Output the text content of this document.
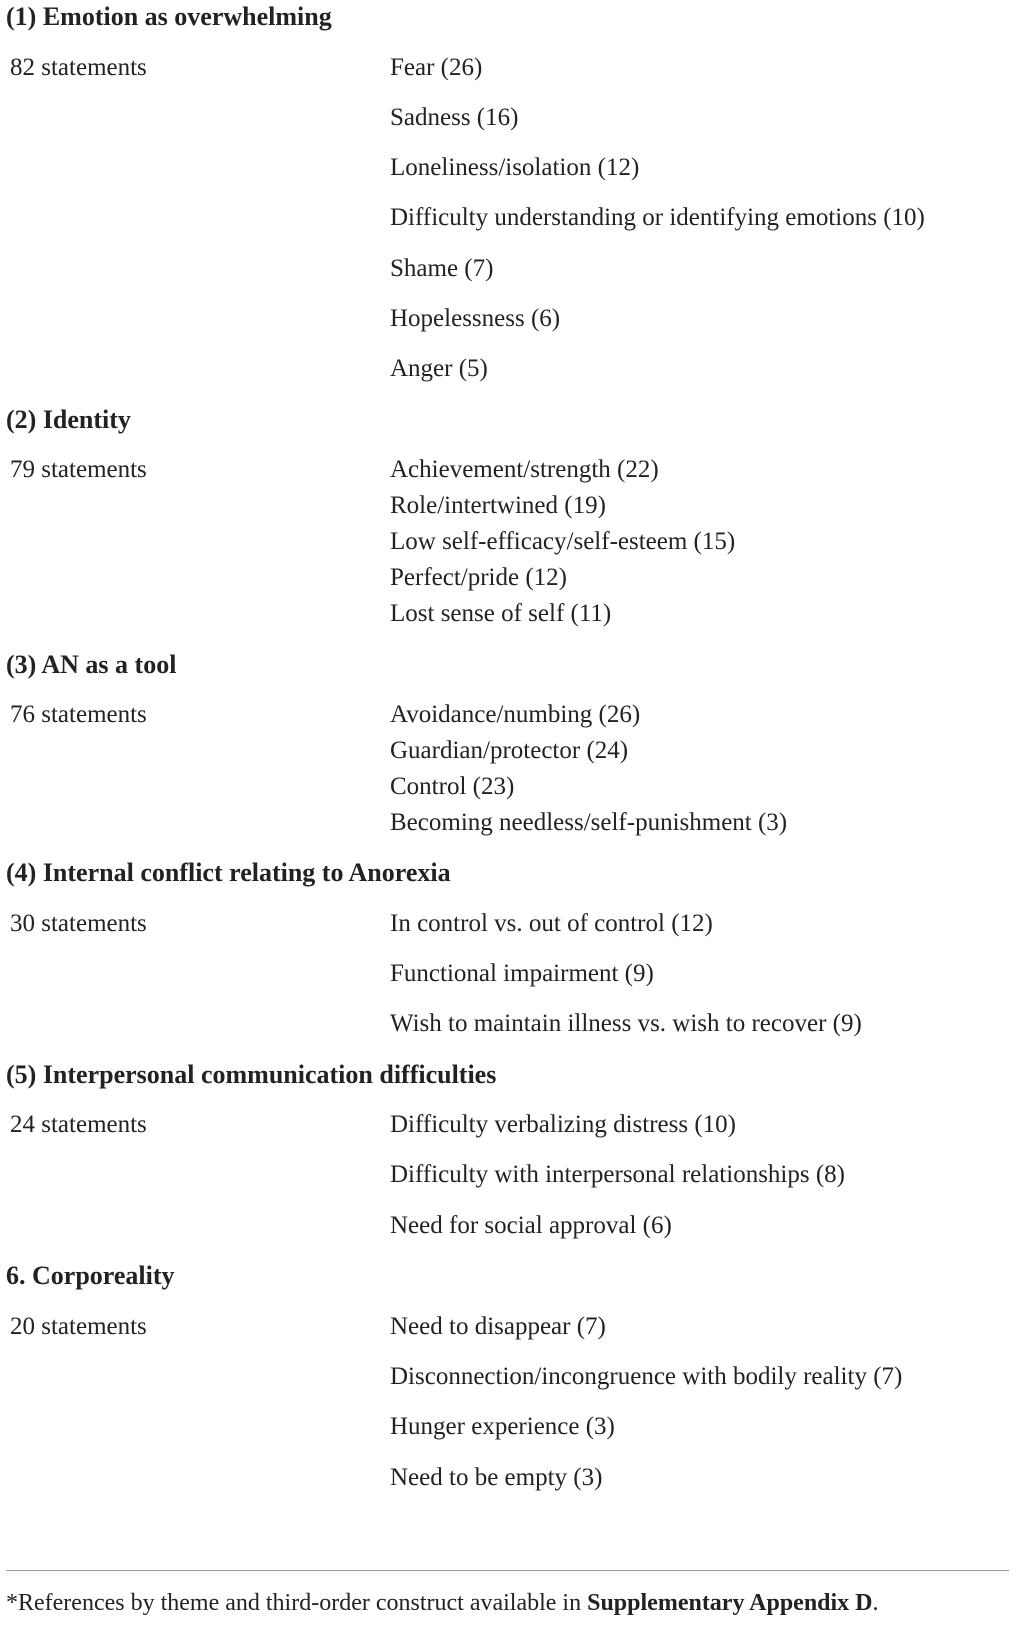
(1) Emotion as overwhelming
82 statements	Fear (26)
Sadness (16)
Loneliness/isolation (12)
Difficulty understanding or identifying emotions (10)
Shame (7)
Hopelessness (6)
Anger (5)
(2) Identity
79 statements	Achievement/strength (22)
Role/intertwined (19)
Low self-efficacy/self-esteem (15)
Perfect/pride (12)
Lost sense of self (11)
(3) AN as a tool
76 statements	Avoidance/numbing (26)
Guardian/protector (24)
Control (23)
Becoming needless/self-punishment (3)
(4) Internal conflict relating to Anorexia
30 statements	In control vs. out of control (12)
Functional impairment (9)
Wish to maintain illness vs. wish to recover (9)
(5) Interpersonal communication difficulties
24 statements	Difficulty verbalizing distress (10)
Difficulty with interpersonal relationships (8)
Need for social approval (6)
6. Corporeality
20 statements	Need to disappear (7)
Disconnection/incongruence with bodily reality (7)
Hunger experience (3)
Need to be empty (3)
*References by theme and third-order construct available in Supplementary Appendix D.
